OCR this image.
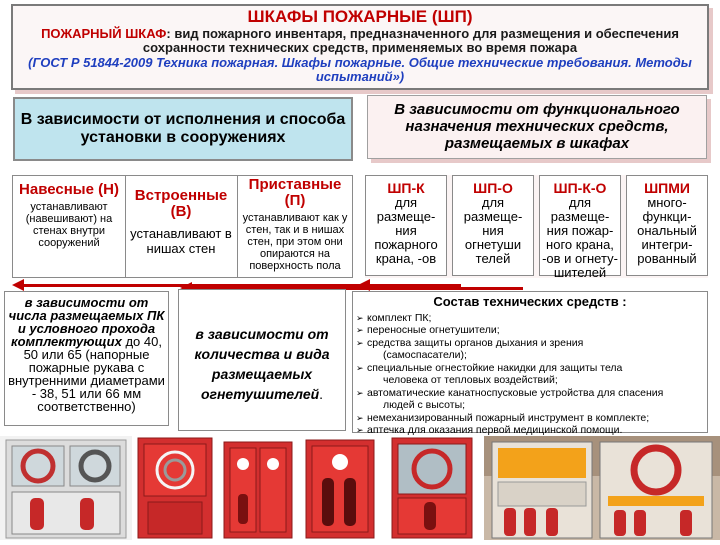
ШКАФЫ ПОЖАРНЫЕ (ШП)
ПОЖАРНЫЙ ШКАФ: вид пожарного инвентаря, предназначенного для размещения и обеспечения сохранности технических средств, применяемых во время пожара
(ГОСТ Р 51844-2009 Техника пожарная. Шкафы пожарные. Общие технические требования. Методы испытаний»)
В зависимости от исполнения и способа установки в сооружениях
В зависимости от функционального назначения технических средств, размещаемых в шкафах
Навесные (Н)
устанавливают (навешивают) на стенах внутри сооружений
Встроенные (В)
устанавливают в нишах стен
Приставные (П)
устанавливают как у стен, так и в нишах стен, при этом они опираются на поверхность пола
ШП-К
для размеще-ния пожарного крана, -ов
ШП-О
для размеще-ния огнетуши телей
ШП-К-О
для размеще-ния пожар-ного крана, -ов и огнету-шителей
ШПМИ
много-функци-ональный интегри-рованный
в зависимости от числа размещаемых ПК и условного прохода комплектующих до 40, 50 или 65 (напорные пожарные рукава с внутренними диаметрами - 38, 51 или 66 мм соответственно)
в зависимости от количества и вида размещаемых огнетушителей.
Состав технических средств :
➢ комплект ПК;
➢ переносные огнетушители;
➢ средства защиты органов дыхания и зрения
(самоспасатели);
➢ специальные огнестойкие накидки для защиты тела
человека от тепловых воздействий;
➢ автоматические канатноспусковые устройства для спасения
людей с высоты;
➢ немеханизированный пожарный инструмент в комплекте;
➢ аптечка для оказания первой медицинской помощи.
